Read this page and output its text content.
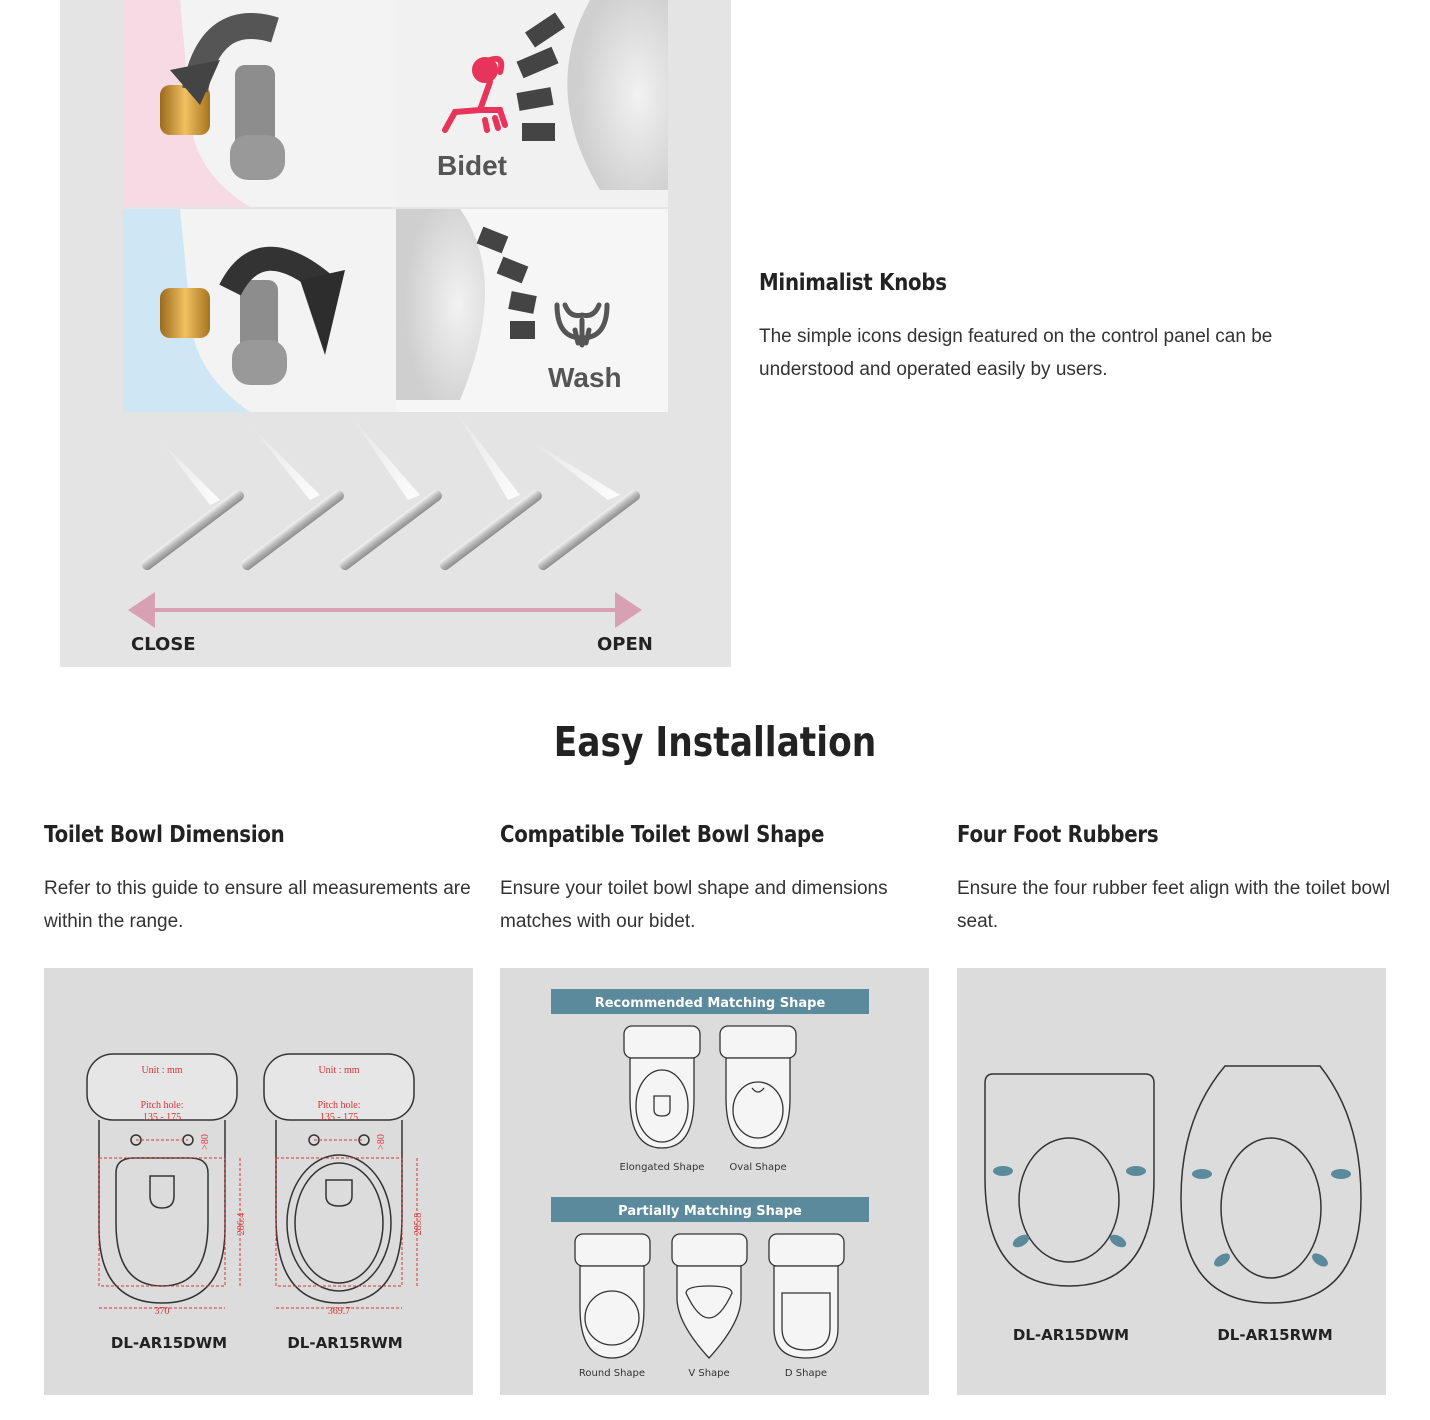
Bidet
Wash
CLOSE	OPEN
Minimalist Knobs

The simple icons design featured on the control panel can be understood and operated easily by users.

Easy Installation
Toilet Bowl Dimension

Refer to this guide to ensure all measurements are within the range.

Unit : mm
Pitch hole:
135 - 175
370
286.4
>80
DL-AR15DWM
Unit : mm
Pitch hole:
135 - 175
369.7
285.8
>80
DL-AR15RWM
Compatible Toilet Bowl Shape

Ensure your toilet bowl shape and dimensions matches with our bidet.

Recommended Matching Shape
Elongated Shape Oval Shape
Partially Matching Shape
Round Shape	V Shape	D Shape
Four Foot Rubbers

Ensure the four rubber feet align with the toilet bowl seat.

DL-AR15DWM	DL-AR15RWM
